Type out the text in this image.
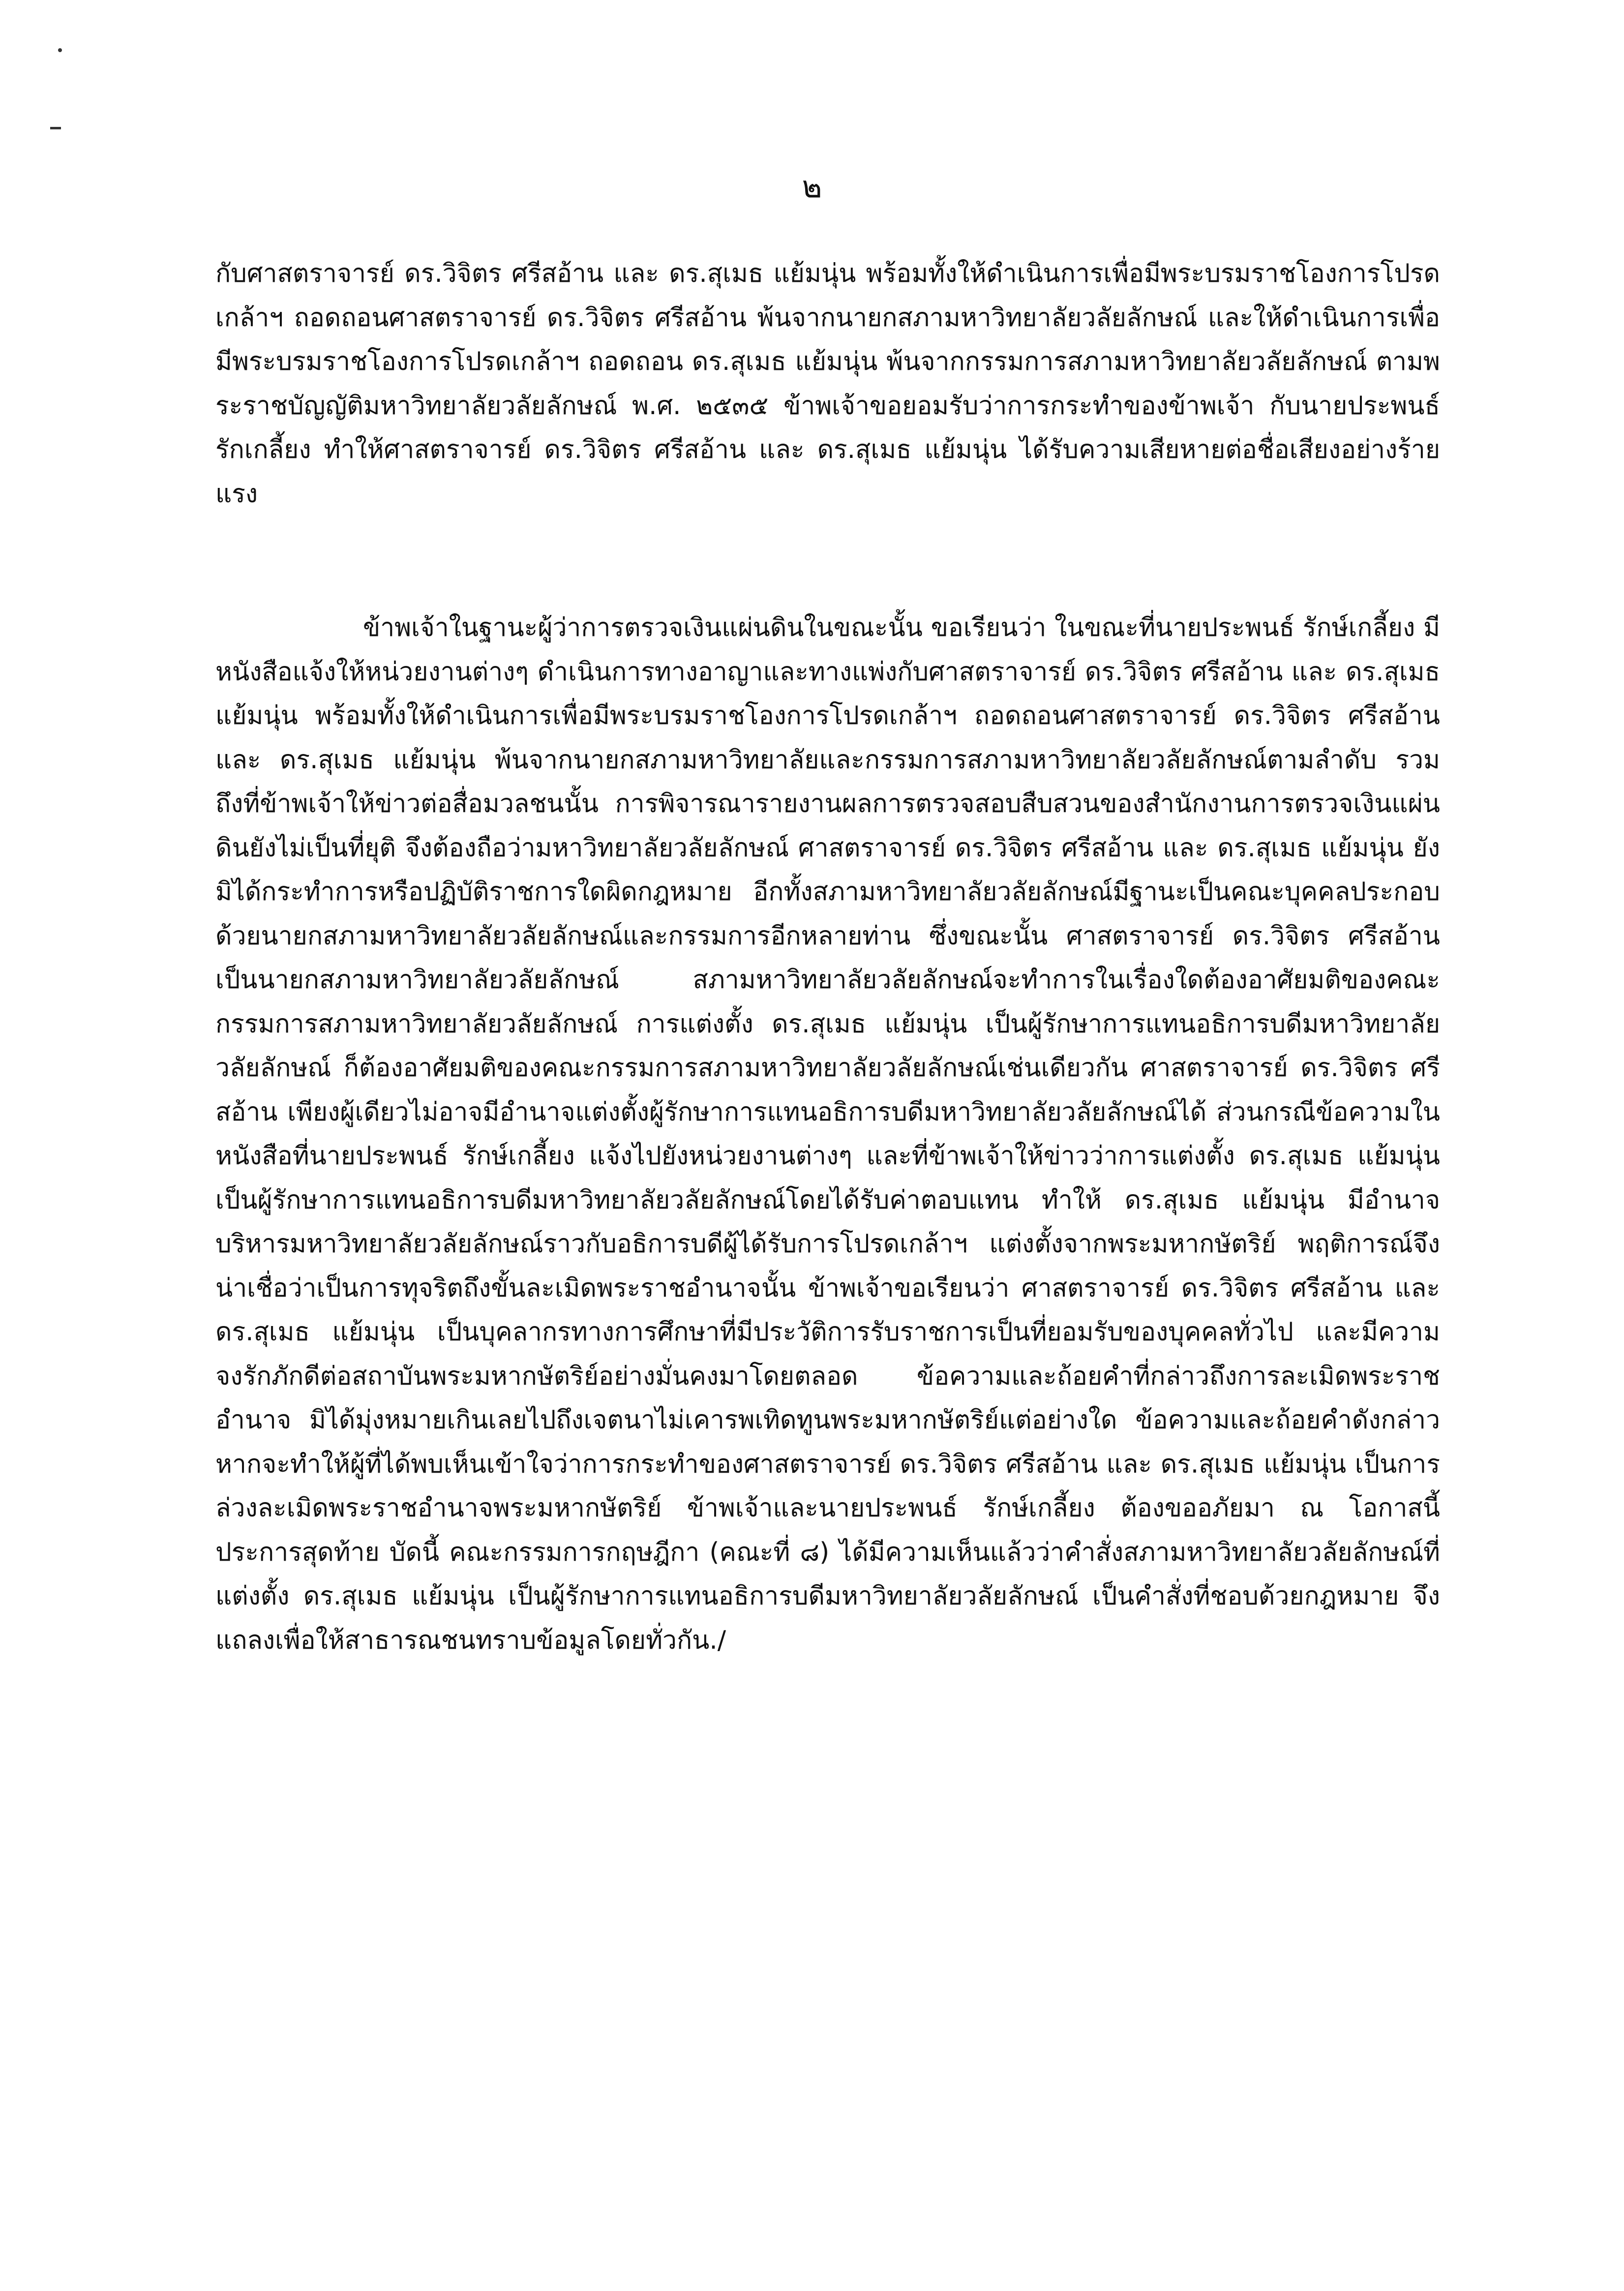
๒

กับศาสตราจารย์ ดร.วิจิตร ศรีสอ้าน และ ดร.สุเมธ แย้มนุ่น พร้อมทั้งให้ดำเนินการเพื่อมีพระบรมราชโองการโปรดเกล้าฯ ถอดถอนศาสตราจารย์ ดร.วิจิตร ศรีสอ้าน พ้นจากนายกสภามหาวิทยาลัยวลัยลักษณ์ และให้ดำเนินการเพื่อมีพระบรมราชโองการโปรดเกล้าฯ ถอดถอน ดร.สุเมธ แย้มนุ่น พ้นจากกรรมการสภามหาวิทยาลัยวลัยลักษณ์ ตามพระราชบัญญัติมหาวิทยาลัยวลัยลักษณ์ พ.ศ. ๒๕๓๕ ข้าพเจ้าขอยอมรับว่าการกระทำของข้าพเจ้า กับนายประพนธ์ รักเกลี้ยง ทำให้ศาสตราจารย์ ดร.วิจิตร ศรีสอ้าน และ ดร.สุเมธ แย้มนุ่น ได้รับความเสียหายต่อชื่อเสียงอย่างร้ายแรง

ข้าพเจ้าในฐานะผู้ว่าการตรวจเงินแผ่นดินในขณะนั้น ขอเรียนว่า ในขณะที่นายประพนธ์ รักษ์เกลี้ยง มีหนังสือแจ้งให้หน่วยงานต่างๆ ดำเนินการทางอาญาและทางแพ่งกับศาสตราจารย์ ดร.วิจิตร ศรีสอ้าน และ ดร.สุเมธ แย้มนุ่น พร้อมทั้งให้ดำเนินการเพื่อมีพระบรมราชโองการโปรดเกล้าฯ ถอดถอนศาสตราจารย์ ดร.วิจิตร ศรีสอ้าน และ ดร.สุเมธ แย้มนุ่น พ้นจากนายกสภามหาวิทยาลัยและกรรมการสภามหาวิทยาลัยวลัยลักษณ์ตามลำดับ รวมถึงที่ข้าพเจ้าให้ข่าวต่อสื่อมวลชนนั้น การพิจารณารายงานผลการตรวจสอบสืบสวนของสำนักงานการตรวจเงินแผ่นดินยังไม่เป็นที่ยุติ จึงต้องถือว่ามหาวิทยาลัยวลัยลักษณ์ ศาสตราจารย์ ดร.วิจิตร ศรีสอ้าน และ ดร.สุเมธ แย้มนุ่น ยังมิได้กระทำการหรือปฏิบัติราชการใดผิดกฎหมาย อีกทั้งสภามหาวิทยาลัยวลัยลักษณ์มีฐานะเป็นคณะบุคคลประกอบด้วยนายกสภามหาวิทยาลัยวลัยลักษณ์และกรรมการอีกหลายท่าน ซึ่งขณะนั้น ศาสตราจารย์ ดร.วิจิตร ศรีสอ้าน เป็นนายกสภามหาวิทยาลัยวลัยลักษณ์ สภามหาวิทยาลัยวลัยลักษณ์จะทำการในเรื่องใดต้องอาศัยมติของคณะกรรมการสภามหาวิทยาลัยวลัยลักษณ์ การแต่งตั้ง ดร.สุเมธ แย้มนุ่น เป็นผู้รักษาการแทนอธิการบดีมหาวิทยาลัยวลัยลักษณ์ ก็ต้องอาศัยมติของคณะกรรมการสภามหาวิทยาลัยวลัยลักษณ์เช่นเดียวกัน ศาสตราจารย์ ดร.วิจิตร ศรีสอ้าน เพียงผู้เดียวไม่อาจมีอำนาจแต่งตั้งผู้รักษาการแทนอธิการบดีมหาวิทยาลัยวลัยลักษณ์ได้ ส่วนกรณีข้อความในหนังสือที่นายประพนธ์ รักษ์เกลี้ยง แจ้งไปยังหน่วยงานต่างๆ และที่ข้าพเจ้าให้ข่าวว่าการแต่งตั้ง ดร.สุเมธ แย้มนุ่น เป็นผู้รักษาการแทนอธิการบดีมหาวิทยาลัยวลัยลักษณ์โดยได้รับค่าตอบแทน ทำให้ ดร.สุเมธ แย้มนุ่น มีอำนาจบริหารมหาวิทยาลัยวลัยลักษณ์ราวกับอธิการบดีผู้ได้รับการโปรดเกล้าฯ แต่งตั้งจากพระมหากษัตริย์ พฤติการณ์จึงน่าเชื่อว่าเป็นการทุจริตถึงขั้นละเมิดพระราชอำนาจนั้น ข้าพเจ้าขอเรียนว่า ศาสตราจารย์ ดร.วิจิตร ศรีสอ้าน และดร.สุเมธ แย้มนุ่น เป็นบุคลากรทางการศึกษาที่มีประวัติการรับราชการเป็นที่ยอมรับของบุคคลทั่วไป และมีความจงรักภักดีต่อสถาบันพระมหากษัตริย์อย่างมั่นคงมาโดยตลอด ข้อความและถ้อยคำที่กล่าวถึงการละเมิดพระราชอำนาจ มิได้มุ่งหมายเกินเลยไปถึงเจตนาไม่เคารพเทิดทูนพระมหากษัตริย์แต่อย่างใด ข้อความและถ้อยคำดังกล่าวหากจะทำให้ผู้ที่ได้พบเห็นเข้าใจว่าการกระทำของศาสตราจารย์ ดร.วิจิตร ศรีสอ้าน และ ดร.สุเมธ แย้มนุ่น เป็นการล่วงละเมิดพระราชอำนาจพระมหากษัตริย์ ข้าพเจ้าและนายประพนธ์ รักษ์เกลี้ยง ต้องขออภัยมา ณ โอกาสนี้ ประการสุดท้าย บัดนี้ คณะกรรมการกฤษฎีกา (คณะที่ ๘) ได้มีความเห็นแล้วว่าคำสั่งสภามหาวิทยาลัยวลัยลักษณ์ที่แต่งตั้ง ดร.สุเมธ แย้มนุ่น เป็นผู้รักษาการแทนอธิการบดีมหาวิทยาลัยวลัยลักษณ์ เป็นคำสั่งที่ชอบด้วยกฎหมาย จึงแถลงเพื่อให้สาธารณชนทราบข้อมูลโดยทั่วกัน./
